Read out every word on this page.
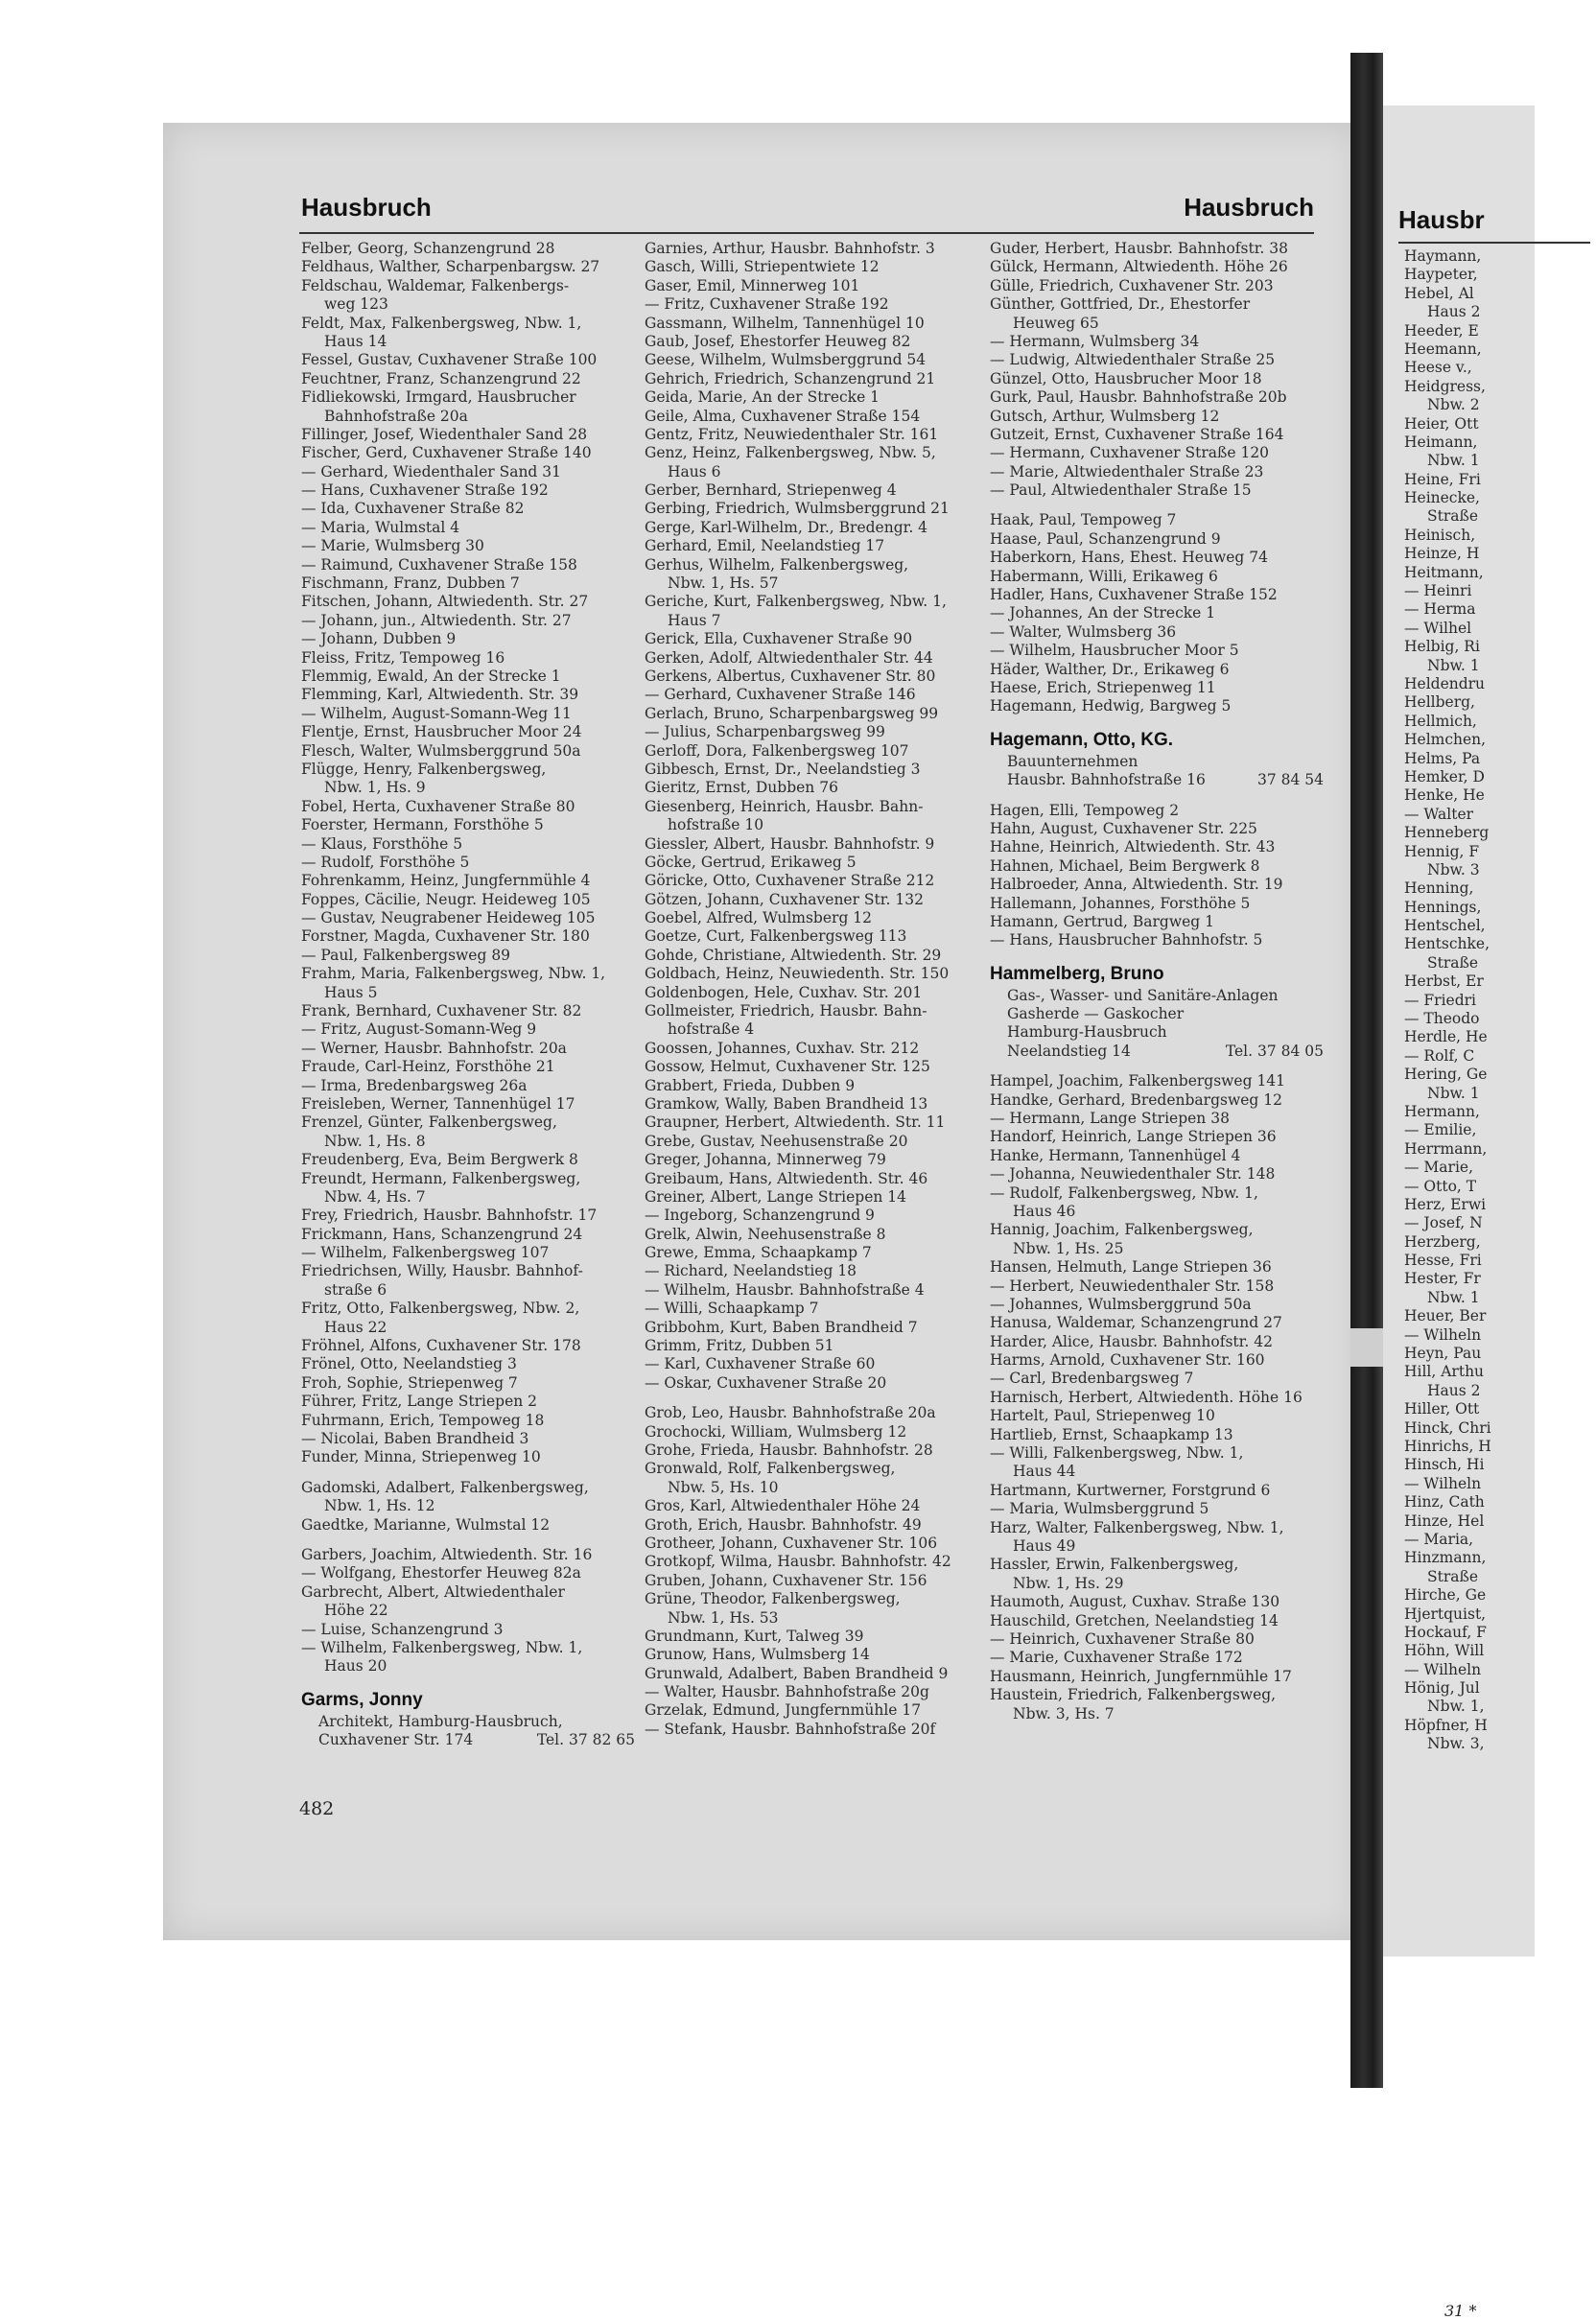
Hausbruch	Hausbruch
Felber, Georg, Schanzengrund 28
Feldhaus, Walther, Scharpenbargsw. 27
Feldschau, Waldemar, Falkenbergs-
weg 123
Feldt, Max, Falkenbergsweg, Nbw. 1,
Haus 14
Fessel, Gustav, Cuxhavener Straße 100
Feuchtner, Franz, Schanzengrund 22
Fidliekowski, Irmgard, Hausbrucher
Bahnhofstraße 20a
Fillinger, Josef, Wiedenthaler Sand 28
Fischer, Gerd, Cuxhavener Straße 140
— Gerhard, Wiedenthaler Sand 31
— Hans, Cuxhavener Straße 192
— Ida, Cuxhavener Straße 82
— Maria, Wulmstal 4
— Marie, Wulmsberg 30
— Raimund, Cuxhavener Straße 158
Fischmann, Franz, Dubben 7
Fitschen, Johann, Altwiedenth. Str. 27
— Johann, jun., Altwiedenth. Str. 27
— Johann, Dubben 9
Fleiss, Fritz, Tempoweg 16
Flemmig, Ewald, An der Strecke 1
Flemming, Karl, Altwiedenth. Str. 39
— Wilhelm, August-Somann-Weg 11
Flentje, Ernst, Hausbrucher Moor 24
Flesch, Walter, Wulmsberggrund 50a
Flügge, Henry, Falkenbergsweg,
Nbw. 1, Hs. 9
Fobel, Herta, Cuxhavener Straße 80
Foerster, Hermann, Forsthöhe 5
— Klaus, Forsthöhe 5
— Rudolf, Forsthöhe 5
Fohrenkamm, Heinz, Jungfernmühle 4
Foppes, Cäcilie, Neugr. Heideweg 105
— Gustav, Neugrabener Heideweg 105
Forstner, Magda, Cuxhavener Str. 180
— Paul, Falkenbergsweg 89
Frahm, Maria, Falkenbergsweg, Nbw. 1,
Haus 5
Frank, Bernhard, Cuxhavener Str. 82
— Fritz, August-Somann-Weg 9
— Werner, Hausbr. Bahnhofstr. 20a
Fraude, Carl-Heinz, Forsthöhe 21
— Irma, Bredenbargsweg 26a
Freisleben, Werner, Tannenhügel 17
Frenzel, Günter, Falkenbergsweg,
Nbw. 1, Hs. 8
Freudenberg, Eva, Beim Bergwerk 8
Freundt, Hermann, Falkenbergsweg,
Nbw. 4, Hs. 7
Frey, Friedrich, Hausbr. Bahnhofstr. 17
Frickmann, Hans, Schanzengrund 24
— Wilhelm, Falkenbergsweg 107
Friedrichsen, Willy, Hausbr. Bahnhof-
straße 6
Fritz, Otto, Falkenbergsweg, Nbw. 2,
Haus 22
Fröhnel, Alfons, Cuxhavener Str. 178
Frönel, Otto, Neelandstieg 3
Froh, Sophie, Striepenweg 7
Führer, Fritz, Lange Striepen 2
Fuhrmann, Erich, Tempoweg 18
— Nicolai, Baben Brandheid 3
Funder, Minna, Striepenweg 10
Gadomski, Adalbert, Falkenbergsweg,
Nbw. 1, Hs. 12
Gaedtke, Marianne, Wulmstal 12
Garbers, Joachim, Altwiedenth. Str. 16
— Wolfgang, Ehestorfer Heuweg 82a
Garbrecht, Albert, Altwiedenthaler
Höhe 22
— Luise, Schanzengrund 3
— Wilhelm, Falkenbergsweg, Nbw. 1,
Haus 20
Garms, Jonny
Architekt, Hamburg-Hausbruch,
Cuxhavener Str. 174	Tel. 37 82 65
Garnies, Arthur, Hausbr. Bahnhofstr. 3
Gasch, Willi, Striepentwiete 12
Gaser, Emil, Minnerweg 101
— Fritz, Cuxhavener Straße 192
Gassmann, Wilhelm, Tannenhügel 10
Gaub, Josef, Ehestorfer Heuweg 82
Geese, Wilhelm, Wulmsberggrund 54
Gehrich, Friedrich, Schanzengrund 21
Geida, Marie, An der Strecke 1
Geile, Alma, Cuxhavener Straße 154
Gentz, Fritz, Neuwiedenthaler Str. 161
Genz, Heinz, Falkenbergsweg, Nbw. 5,
Haus 6
Gerber, Bernhard, Striepenweg 4
Gerbing, Friedrich, Wulmsberggrund 21
Gerge, Karl-Wilhelm, Dr., Bredengr. 4
Gerhard, Emil, Neelandstieg 17
Gerhus, Wilhelm, Falkenbergsweg,
Nbw. 1, Hs. 57
Geriche, Kurt, Falkenbergsweg, Nbw. 1,
Haus 7
Gerick, Ella, Cuxhavener Straße 90
Gerken, Adolf, Altwiedenthaler Str. 44
Gerkens, Albertus, Cuxhavener Str. 80
— Gerhard, Cuxhavener Straße 146
Gerlach, Bruno, Scharpenbargsweg 99
— Julius, Scharpenbargsweg 99
Gerloff, Dora, Falkenbergsweg 107
Gibbesch, Ernst, Dr., Neelandstieg 3
Gieritz, Ernst, Dubben 76
Giesenberg, Heinrich, Hausbr. Bahn-
hofstraße 10
Giessler, Albert, Hausbr. Bahnhofstr. 9
Göcke, Gertrud, Erikaweg 5
Göricke, Otto, Cuxhavener Straße 212
Götzen, Johann, Cuxhavener Str. 132
Goebel, Alfred, Wulmsberg 12
Goetze, Curt, Falkenbergsweg 113
Gohde, Christiane, Altwiedenth. Str. 29
Goldbach, Heinz, Neuwiedenth. Str. 150
Goldenbogen, Hele, Cuxhav. Str. 201
Gollmeister, Friedrich, Hausbr. Bahn-
hofstraße 4
Goossen, Johannes, Cuxhav. Str. 212
Gossow, Helmut, Cuxhavener Str. 125
Grabbert, Frieda, Dubben 9
Gramkow, Wally, Baben Brandheid 13
Graupner, Herbert, Altwiedenth. Str. 11
Grebe, Gustav, Neehusenstraße 20
Greger, Johanna, Minnerweg 79
Greibaum, Hans, Altwiedenth. Str. 46
Greiner, Albert, Lange Striepen 14
— Ingeborg, Schanzengrund 9
Grelk, Alwin, Neehusenstraße 8
Grewe, Emma, Schaapkamp 7
— Richard, Neelandstieg 18
— Wilhelm, Hausbr. Bahnhofstraße 4
— Willi, Schaapkamp 7
Gribbohm, Kurt, Baben Brandheid 7
Grimm, Fritz, Dubben 51
— Karl, Cuxhavener Straße 60
— Oskar, Cuxhavener Straße 20
Grob, Leo, Hausbr. Bahnhofstraße 20a
Grochocki, William, Wulmsberg 12
Grohe, Frieda, Hausbr. Bahnhofstr. 28
Gronwald, Rolf, Falkenbergsweg,
Nbw. 5, Hs. 10
Gros, Karl, Altwiedenthaler Höhe 24
Groth, Erich, Hausbr. Bahnhofstr. 49
Grotheer, Johann, Cuxhavener Str. 106
Grotkopf, Wilma, Hausbr. Bahnhofstr. 42
Gruben, Johann, Cuxhavener Str. 156
Grüne, Theodor, Falkenbergsweg,
Nbw. 1, Hs. 53
Grundmann, Kurt, Talweg 39
Grunow, Hans, Wulmsberg 14
Grunwald, Adalbert, Baben Brandheid 9
— Walter, Hausbr. Bahnhofstraße 20g
Grzelak, Edmund, Jungfernmühle 17
— Stefank, Hausbr. Bahnhofstraße 20f
Guder, Herbert, Hausbr. Bahnhofstr. 38
Gülck, Hermann, Altwiedenth. Höhe 26
Gülle, Friedrich, Cuxhavener Str. 203
Günther, Gottfried, Dr., Ehestorfer
Heuweg 65
— Hermann, Wulmsberg 34
— Ludwig, Altwiedenthaler Straße 25
Günzel, Otto, Hausbrucher Moor 18
Gurk, Paul, Hausbr. Bahnhofstraße 20b
Gutsch, Arthur, Wulmsberg 12
Gutzeit, Ernst, Cuxhavener Straße 164
— Hermann, Cuxhavener Straße 120
— Marie, Altwiedenthaler Straße 23
— Paul, Altwiedenthaler Straße 15
Haak, Paul, Tempoweg 7
Haase, Paul, Schanzengrund 9
Haberkorn, Hans, Ehest. Heuweg 74
Habermann, Willi, Erikaweg 6
Hadler, Hans, Cuxhavener Straße 152
— Johannes, An der Strecke 1
— Walter, Wulmsberg 36
— Wilhelm, Hausbrucher Moor 5
Häder, Walther, Dr., Erikaweg 6
Haese, Erich, Striepenweg 11
Hagemann, Hedwig, Bargweg 5
Hagemann, Otto, KG.
Bauunternehmen
Hausbr. Bahnhofstraße 16	37 84 54
Hagen, Elli, Tempoweg 2
Hahn, August, Cuxhavener Str. 225
Hahne, Heinrich, Altwiedenth. Str. 43
Hahnen, Michael, Beim Bergwerk 8
Halbroeder, Anna, Altwiedenth. Str. 19
Hallemann, Johannes, Forsthöhe 5
Hamann, Gertrud, Bargweg 1
— Hans, Hausbrucher Bahnhofstr. 5
Hammelberg, Bruno
Gas-, Wasser- und Sanitäre-Anlagen
Gasherde — Gaskocher
Hamburg-Hausbruch
Neelandstieg 14	Tel. 37 84 05
Hampel, Joachim, Falkenbergsweg 141
Handke, Gerhard, Bredenbargsweg 12
— Hermann, Lange Striepen 38
Handorf, Heinrich, Lange Striepen 36
Hanke, Hermann, Tannenhügel 4
— Johanna, Neuwiedenthaler Str. 148
— Rudolf, Falkenbergsweg, Nbw. 1,
Haus 46
Hannig, Joachim, Falkenbergsweg,
Nbw. 1, Hs. 25
Hansen, Helmuth, Lange Striepen 36
— Herbert, Neuwiedenthaler Str. 158
— Johannes, Wulmsberggrund 50a
Hanusa, Waldemar, Schanzengrund 27
Harder, Alice, Hausbr. Bahnhofstr. 42
Harms, Arnold, Cuxhavener Str. 160
— Carl, Bredenbargsweg 7
Harnisch, Herbert, Altwiedenth. Höhe 16
Hartelt, Paul, Striepenweg 10
Hartlieb, Ernst, Schaapkamp 13
— Willi, Falkenbergsweg, Nbw. 1,
Haus 44
Hartmann, Kurtwerner, Forstgrund 6
— Maria, Wulmsberggrund 5
Harz, Walter, Falkenbergsweg, Nbw. 1,
Haus 49
Hassler, Erwin, Falkenbergsweg,
Nbw. 1, Hs. 29
Haumoth, August, Cuxhav. Straße 130
Hauschild, Gretchen, Neelandstieg 14
— Heinrich, Cuxhavener Straße 80
— Marie, Cuxhavener Straße 172
Hausmann, Heinrich, Jungfernmühle 17
Haustein, Friedrich, Falkenbergsweg,
Nbw. 3, Hs. 7
482
Hausbr
Haymann,
Haypeter,
Hebel, Al
Haus 2
Heeder, E
Heemann,
Heese v.,
Heidgress,
Nbw. 2
Heier, Ott
Heimann,
Nbw. 1
Heine, Fri
Heinecke,
Straße
Heinisch,
Heinze, H
Heitmann,
— Heinri
— Herma
— Wilhel
Helbig, Ri
Nbw. 1
Heldendru
Hellberg,
Hellmich,
Helmchen,
Helms, Pa
Hemker, D
Henke, He
— Walter
Henneberg
Hennig, F
Nbw. 3
Henning,
Hennings,
Hentschel,
Hentschke,
Straße
Herbst, Er
— Friedri
— Theodo
Herdle, He
— Rolf, C
Hering, Ge
Nbw. 1
Hermann,
— Emilie,
Herrmann,
— Marie,
— Otto, T
Herz, Erwi
— Josef, N
Herzberg,
Hesse, Fri
Hester, Fr
Nbw. 1
Heuer, Ber
— Wilheln
Heyn, Pau
Hill, Arthu
Haus 2
Hiller, Ott
Hinck, Chri
Hinrichs, H
Hinsch, Hi
— Wilheln
Hinz, Cath
Hinze, Hel
— Maria,
Hinzmann,
Straße
Hirche, Ge
Hjertquist,
Hockauf, F
Höhn, Will
— Wilheln
Hönig, Jul
Nbw. 1,
Höpfner, H
Nbw. 3,
31 *
